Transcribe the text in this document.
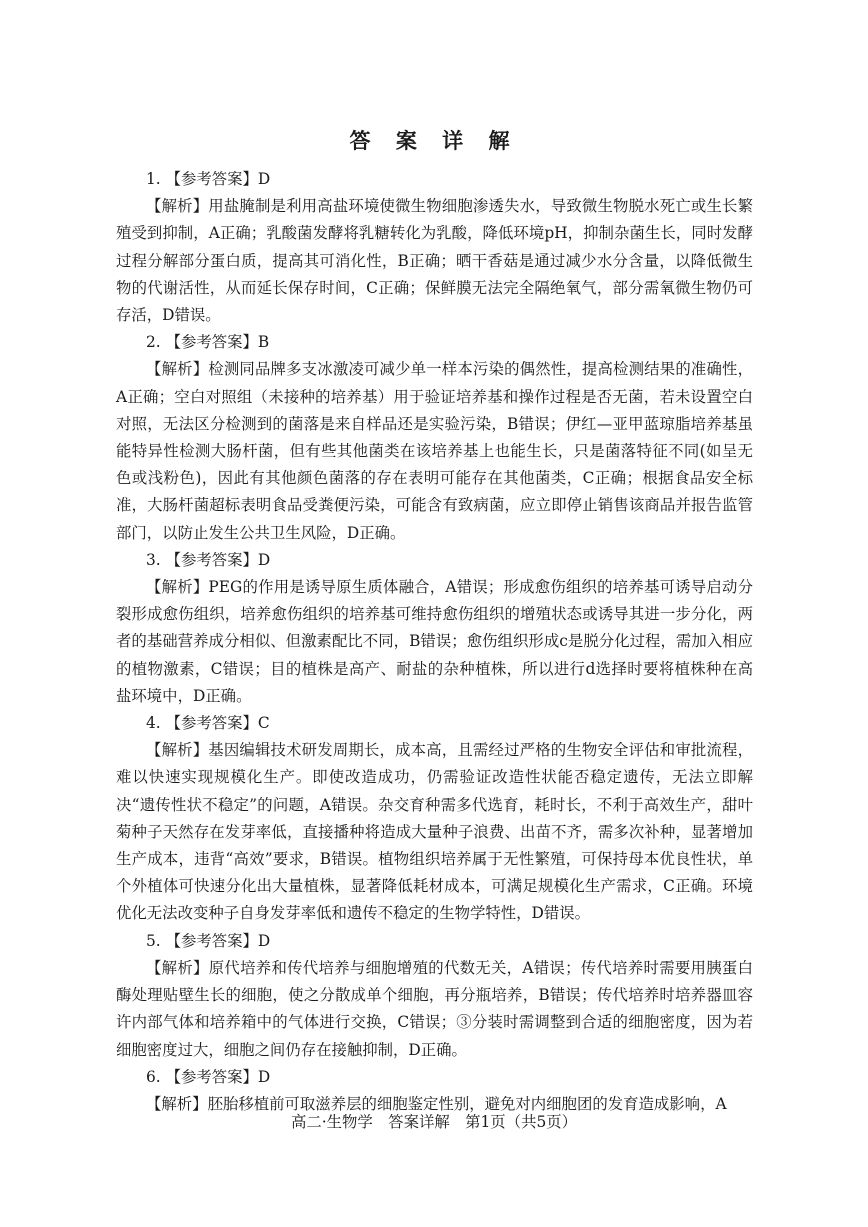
答 案 详 解

1. 【参考答案】D

【解析】用盐腌制是利用高盐环境使微生物细胞渗透失水，导致微生物脱水死亡或生长繁殖受到抑制，A正确；乳酸菌发酵将乳糖转化为乳酸，降低环境pH，抑制杂菌生长，同时发酵过程分解部分蛋白质，提高其可消化性，B正确；晒干香菇是通过减少水分含量，以降低微生物的代谢活性，从而延长保存时间，C正确；保鲜膜无法完全隔绝氧气，部分需氧微生物仍可存活，D错误。

2. 【参考答案】B

【解析】检测同品牌多支冰激凌可减少单一样本污染的偶然性，提高检测结果的准确性，A正确；空白对照组（未接种的培养基）用于验证培养基和操作过程是否无菌，若未设置空白对照，无法区分检测到的菌落是来自样品还是实验污染，B错误；伊红—亚甲蓝琼脂培养基虽能特异性检测大肠杆菌，但有些其他菌类在该培养基上也能生长，只是菌落特征不同(如呈无色或浅粉色)，因此有其他颜色菌落的存在表明可能存在其他菌类，C正确；根据食品安全标准，大肠杆菌超标表明食品受粪便污染，可能含有致病菌，应立即停止销售该商品并报告监管部门，以防止发生公共卫生风险，D正确。

3. 【参考答案】D

【解析】PEG的作用是诱导原生质体融合，A错误；形成愈伤组织的培养基可诱导启动分裂形成愈伤组织，培养愈伤组织的培养基可维持愈伤组织的增殖状态或诱导其进一步分化，两者的基础营养成分相似、但激素配比不同，B错误；愈伤组织形成c是脱分化过程，需加入相应的植物激素，C错误；目的植株是高产、耐盐的杂种植株，所以进行d选择时要将植株种在高盐环境中，D正确。

4. 【参考答案】C

【解析】基因编辑技术研发周期长，成本高，且需经过严格的生物安全评估和审批流程，难以快速实现规模化生产。即使改造成功，仍需验证改造性状能否稳定遗传，无法立即解决“遗传性状不稳定”的问题，A错误。杂交育种需多代选育，耗时长，不利于高效生产，甜叶菊种子天然存在发芽率低，直接播种将造成大量种子浪费、出苗不齐，需多次补种，显著增加生产成本，违背“高效”要求，B错误。植物组织培养属于无性繁殖，可保持母本优良性状，单个外植体可快速分化出大量植株，显著降低耗材成本，可满足规模化生产需求，C正确。环境优化无法改变种子自身发芽率低和遗传不稳定的生物学特性，D错误。

5. 【参考答案】D

【解析】原代培养和传代培养与细胞增殖的代数无关，A错误；传代培养时需要用胰蛋白酶处理贴壁生长的细胞，使之分散成单个细胞，再分瓶培养，B错误；传代培养时培养器皿容许内部气体和培养箱中的气体进行交换，C错误；③分装时需调整到合适的细胞密度，因为若细胞密度过大，细胞之间仍存在接触抑制，D正确。

6. 【参考答案】D

【解析】胚胎移植前可取滋养层的细胞鉴定性别，避免对内细胞团的发育造成影响，A

高二·生物学　答案详解　第1页（共5页）
